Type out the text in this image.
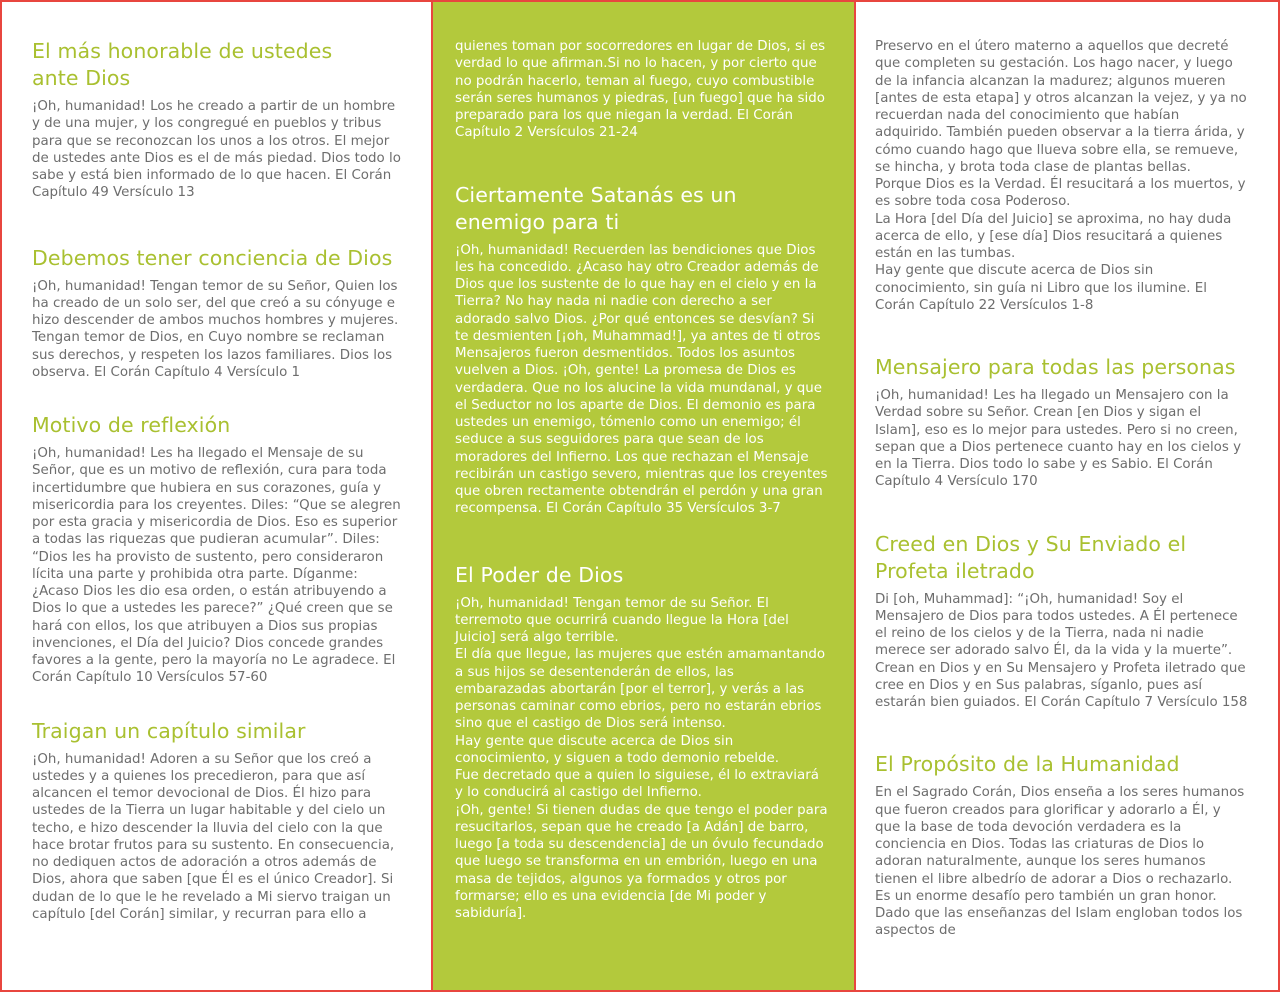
El más honorable de ustedes
ante Dios

¡Oh, humanidad! Los he creado a partir de un hombre y de una mujer, y los congregué en pueblos y tribus para que se reconozcan los unos a los otros. El mejor de ustedes ante Dios es el de más piedad. Dios todo lo sabe y está bien informado de lo que hacen. El Corán Capítulo 49 Versículo 13

Debemos tener conciencia de Dios

¡Oh, humanidad! Tengan temor de su Señor, Quien los ha creado de un solo ser, del que creó a su cónyuge e hizo descender de ambos muchos hombres y mujeres. Tengan temor de Dios, en Cuyo nombre se reclaman sus derechos, y respeten los lazos familiares. Dios los observa. El Corán Capítulo 4 Versículo 1

Motivo de reflexión

¡Oh, humanidad! Les ha llegado el Mensaje de su Señor, que es un motivo de reflexión, cura para toda incertidumbre que hubiera en sus corazones, guía y misericordia para los creyentes. Diles: “Que se alegren por esta gracia y misericordia de Dios. Eso es superior a todas las riquezas que pudieran acumular”. Diles: “Dios les ha provisto de sustento, pero consideraron lícita una parte y prohibida otra parte. Díganme: ¿Acaso Dios les dio esa orden, o están atribuyendo a Dios lo que a ustedes les parece?” ¿Qué creen que se hará con ellos, los que atribuyen a Dios sus propias invenciones, el Día del Juicio? Dios concede grandes favores a la gente, pero la mayoría no Le agradece. El Corán Capítulo 10 Versículos 57-60

Traigan un capítulo similar

¡Oh, humanidad! Adoren a su Señor que los creó a ustedes y a quienes los precedieron, para que así alcancen el temor devocional de Dios. Él hizo para ustedes de la Tierra un lugar habitable y del cielo un techo, e hizo descender la lluvia del cielo con la que hace brotar frutos para su sustento. En consecuencia, no dediquen actos de adoración a otros además de Dios, ahora que saben [que Él es el único Creador]. Si dudan de lo que le he revelado a Mi siervo traigan un capítulo [del Corán] similar, y recurran para ello a

quienes toman por socorredores en lugar de Dios, si es verdad lo que afirman.Si no lo hacen, y por cierto que no podrán hacerlo, teman al fuego, cuyo combustible serán seres humanos y piedras, [un fuego] que ha sido preparado para los que niegan la verdad. El Corán Capítulo 2 Versículos 21-24

Ciertamente Satanás es un
enemigo para ti

¡Oh, humanidad! Recuerden las bendiciones que Dios les ha concedido. ¿Acaso hay otro Creador además de Dios que los sustente de lo que hay en el cielo y en la Tierra? No hay nada ni nadie con derecho a ser adorado salvo Dios. ¿Por qué entonces se desvían? Si te desmienten [¡oh, Muhammad!], ya antes de ti otros Mensajeros fueron desmentidos. Todos los asuntos vuelven a Dios. ¡Oh, gente! La promesa de Dios es verdadera. Que no los alucine la vida mundanal, y que el Seductor no los aparte de Dios. El demonio es para ustedes un enemigo, tómenlo como un enemigo; él seduce a sus seguidores para que sean de los moradores del Infierno. Los que rechazan el Mensaje recibirán un castigo severo, mientras que los creyentes que obren rectamente obtendrán el perdón y una gran recompensa. El Corán Capítulo 35 Versículos 3-7

El Poder de Dios

¡Oh, humanidad! Tengan temor de su Señor. El terremoto que ocurrirá cuando llegue la Hora [del Juicio] será algo terrible.
El día que llegue, las mujeres que estén amamantando a sus hijos se desentenderán de ellos, las embarazadas abortarán [por el terror], y verás a las personas caminar como ebrios, pero no estarán ebrios sino que el castigo de Dios será intenso.
Hay gente que discute acerca de Dios sin conocimiento, y siguen a todo demonio rebelde.
Fue decretado que a quien lo siguiese, él lo extraviará y lo conducirá al castigo del Infierno.
¡Oh, gente! Si tienen dudas de que tengo el poder para resucitarlos, sepan que he creado [a Adán] de barro, luego [a toda su descendencia] de un óvulo fecundado que luego se transforma en un embrión, luego en una masa de tejidos, algunos ya formados y otros por formarse; ello es una evidencia [de Mi poder y sabiduría].

Preservo en el útero materno a aquellos que decreté que completen su gestación. Los hago nacer, y luego de la infancia alcanzan la madurez; algunos mueren [antes de esta etapa] y otros alcanzan la vejez, y ya no recuerdan nada del conocimiento que habían adquirido. También pueden observar a la tierra árida, y cómo cuando hago que llueva sobre ella, se remueve, se hincha, y brota toda clase de plantas bellas.
Porque Dios es la Verdad. Él resucitará a los muertos, y es sobre toda cosa Poderoso.
La Hora [del Día del Juicio] se aproxima, no hay duda acerca de ello, y [ese día] Dios resucitará a quienes están en las tumbas.
Hay gente que discute acerca de Dios sin conocimiento, sin guía ni Libro que los ilumine. El Corán Capítulo 22 Versículos 1-8

Mensajero para todas las personas

¡Oh, humanidad! Les ha llegado un Mensajero con la Verdad sobre su Señor. Crean [en Dios y sigan el Islam], eso es lo mejor para ustedes. Pero si no creen, sepan que a Dios pertenece cuanto hay en los cielos y en la Tierra. Dios todo lo sabe y es Sabio. El Corán Capítulo 4 Versículo 170

Creed en Dios y Su Enviado el
Profeta iletrado

Di [oh, Muhammad]: “¡Oh, humanidad! Soy el Mensajero de Dios para todos ustedes. A Él pertenece el reino de los cielos y de la Tierra, nada ni nadie merece ser adorado salvo Él, da la vida y la muerte”. Crean en Dios y en Su Mensajero y Profeta iletrado que cree en Dios y en Sus palabras, síganlo, pues así estarán bien guiados. El Corán Capítulo 7 Versículo 158

El Propósito de la Humanidad

En el Sagrado Corán, Dios enseña a los seres humanos que fueron creados para glorificar y adorarlo a Él, y que la base de toda devoción verdadera es la conciencia en Dios. Todas las criaturas de Dios lo adoran naturalmente, aunque los seres humanos tienen el libre albedrío de adorar a Dios o rechazarlo. Es un enorme desafío pero también un gran honor. Dado que las enseñanzas del Islam engloban todos los aspectos de
